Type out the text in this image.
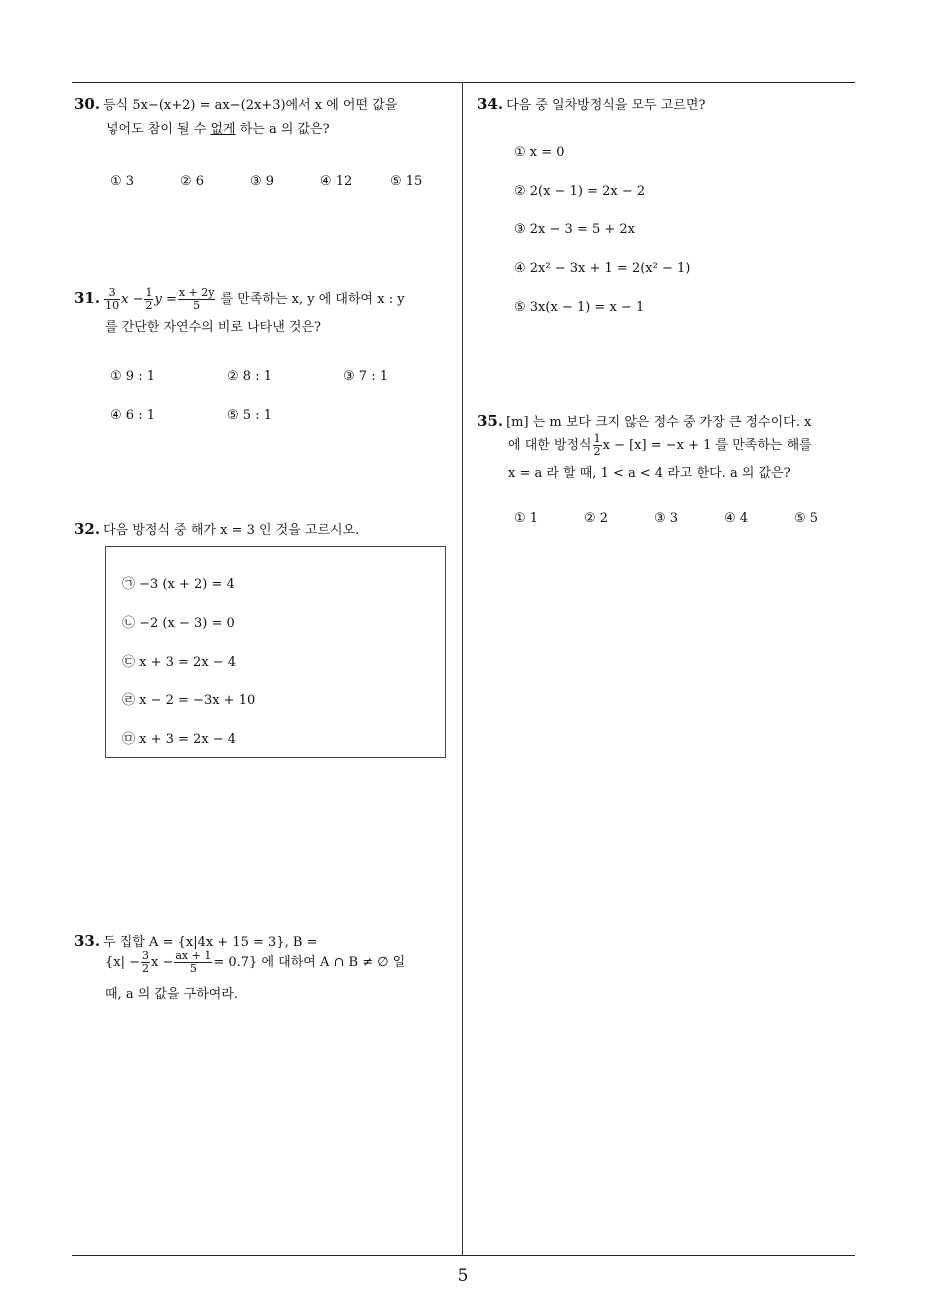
5
30. 등식 5x−(x+2) = ax−(2x+3)에서 x 에 어떤 값을
넣어도 참이 될 수 없게 하는 a 의 값은?
① 3	② 6	③ 9	④ 12	⑤ 15
31. $\frac{3}{10}$ $x - \frac{1}{2}$ $y = \frac{x + 2y}{5}$ 를 만족하는 x, y 에 대하여 x : y
를 간단한 자연수의 비로 나타낸 것은?
① 9 : 1	② 8 : 1	③ 7 : 1
④ 6 : 1	⑤ 5 : 1
32. 다음 방정식 중 해가 x = 3 인 것을 고르시오.
㉠ −3 (x + 2) = 4
㉡ −2 (x − 3) = 0
㉢ x + 3 = 2x − 4
㉣ x − 2 = −3x + 10
㉤ x + 3 = 2x − 4
33. 두 집합 A = {x|4x + 15 = 3}, B =
{$x| - \frac{3}{2}$ $x - \frac{ax + 1}{5} = 0.7$} 에 대하여 A ∩ B ≠ ∅ 일
때, a 의 값을 구하여라.
34. 다음 중 일차방정식을 모두 고르면?
① x = 0
② 2(x − 1) = 2x − 2
③ 2x − 3 = 5 + 2x
④ 2x² − 3x + 1 = 2(x² − 1)
⑤ 3x(x − 1) = x − 1
35. [m] 는 m 보다 크지 않은 정수 중 가장 큰 정수이다. x
에 대한 방정식 $\frac{1}{2}$ x − [x] = −x + 1 를 만족하는 해를
x = a 라 할 때, 1 < a < 4 라고 한다. a 의 값은?
① 1	② 2	③ 3	④ 4	⑤ 5
